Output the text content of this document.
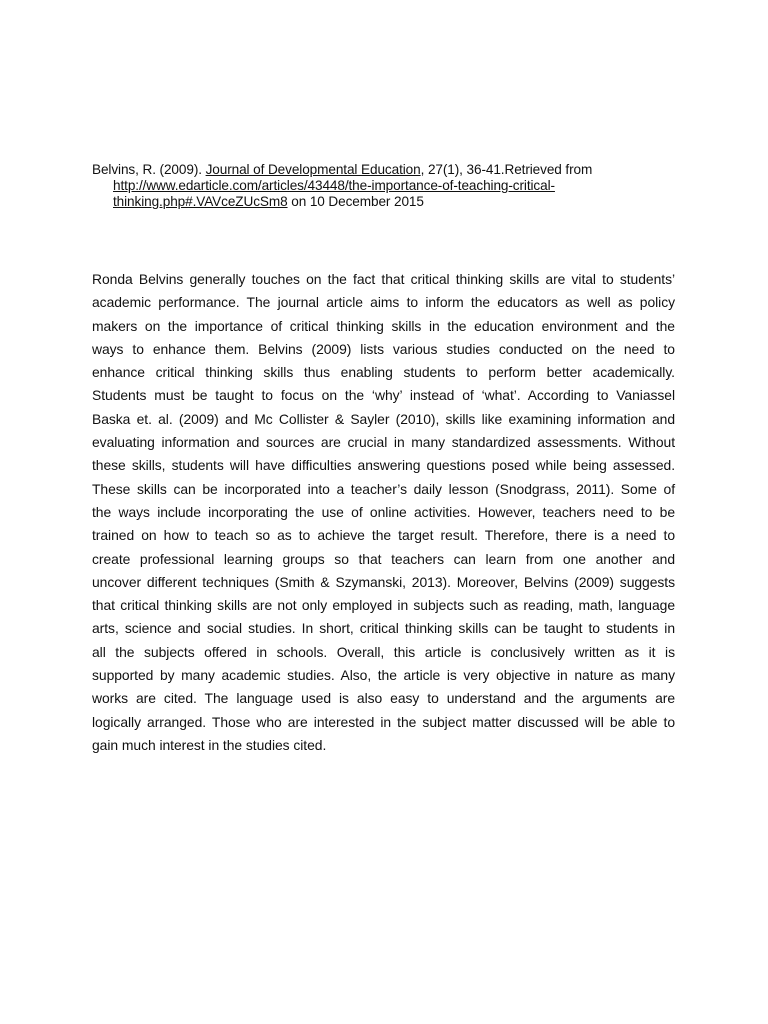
Belvins, R. (2009). Journal of Developmental Education, 27(1), 36-41.Retrieved from
http://www.edarticle.com/articles/43448/the-importance-of-teaching-critical-
thinking.php#.VAVceZUcSm8 on 10 December 2015
Ronda Belvins generally touches on the fact that critical thinking skills are vital to students’
academic performance. The journal article aims to inform the educators as well as policy
makers on the importance of critical thinking skills in the education environment and the
ways to enhance them. Belvins (2009) lists various studies conducted on the need to
enhance critical thinking skills thus enabling students to perform better academically.
Students must be taught to focus on the ‘why’ instead of ‘what’. According to Vaniassel
Baska et. al. (2009) and Mc Collister & Sayler (2010), skills like examining information and
evaluating information and sources are crucial in many standardized assessments. Without
these skills, students will have difficulties answering questions posed while being assessed.
These skills can be incorporated into a teacher’s daily lesson (Snodgrass, 2011). Some of
the ways include incorporating the use of online activities. However, teachers need to be
trained on how to teach so as to achieve the target result. Therefore, there is a need to
create professional learning groups so that teachers can learn from one another and
uncover different techniques (Smith & Szymanski, 2013). Moreover, Belvins (2009) suggests
that critical thinking skills are not only employed in subjects such as reading, math, language
arts, science and social studies. In short, critical thinking skills can be taught to students in
all the subjects offered in schools. Overall, this article is conclusively written as it is
supported by many academic studies. Also, the article is very objective in nature as many
works are cited. The language used is also easy to understand and the arguments are
logically arranged. Those who are interested in the subject matter discussed will be able to
gain much interest in the studies cited.
